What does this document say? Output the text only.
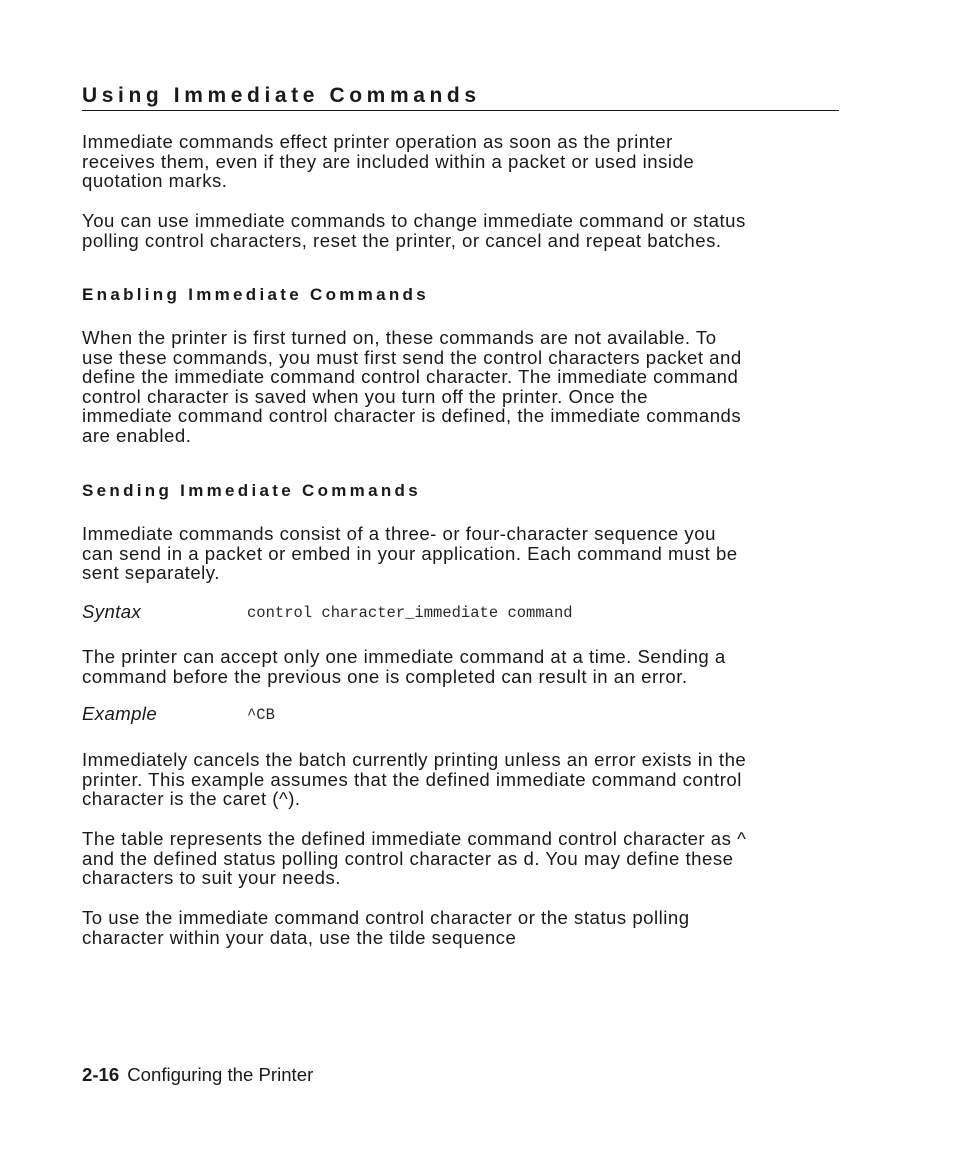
Using Immediate Commands
Immediate commands effect printer operation as soon as the printer
receives them, even if they are included within a packet or used inside
quotation marks.
You can use immediate commands to change immediate command or status
polling control characters, reset the printer, or cancel and repeat batches.
Enabling Immediate Commands
When the printer is first turned on, these commands are not available. To
use these commands, you must first send the control characters packet and
define the immediate command control character. The immediate command
control character is saved when you turn off the printer. Once the
immediate command control character is defined, the immediate commands
are enabled.
Sending Immediate Commands
Immediate commands consist of a three- or four-character sequence you
can send in a packet or embed in your application. Each command must be
sent separately.
Syntax	control character_immediate command
The printer can accept only one immediate command at a time. Sending a
command before the previous one is completed can result in an error.
Example	^CB
Immediately cancels the batch currently printing unless an error exists in the
printer. This example assumes that the defined immediate command control
character is the caret (^).
The table represents the defined immediate command control character as ^
and the defined status polling control character as d. You may define these
characters to suit your needs.
To use the immediate command control character or the status polling
character within your data, use the tilde sequence
2-16 Configuring the Printer
